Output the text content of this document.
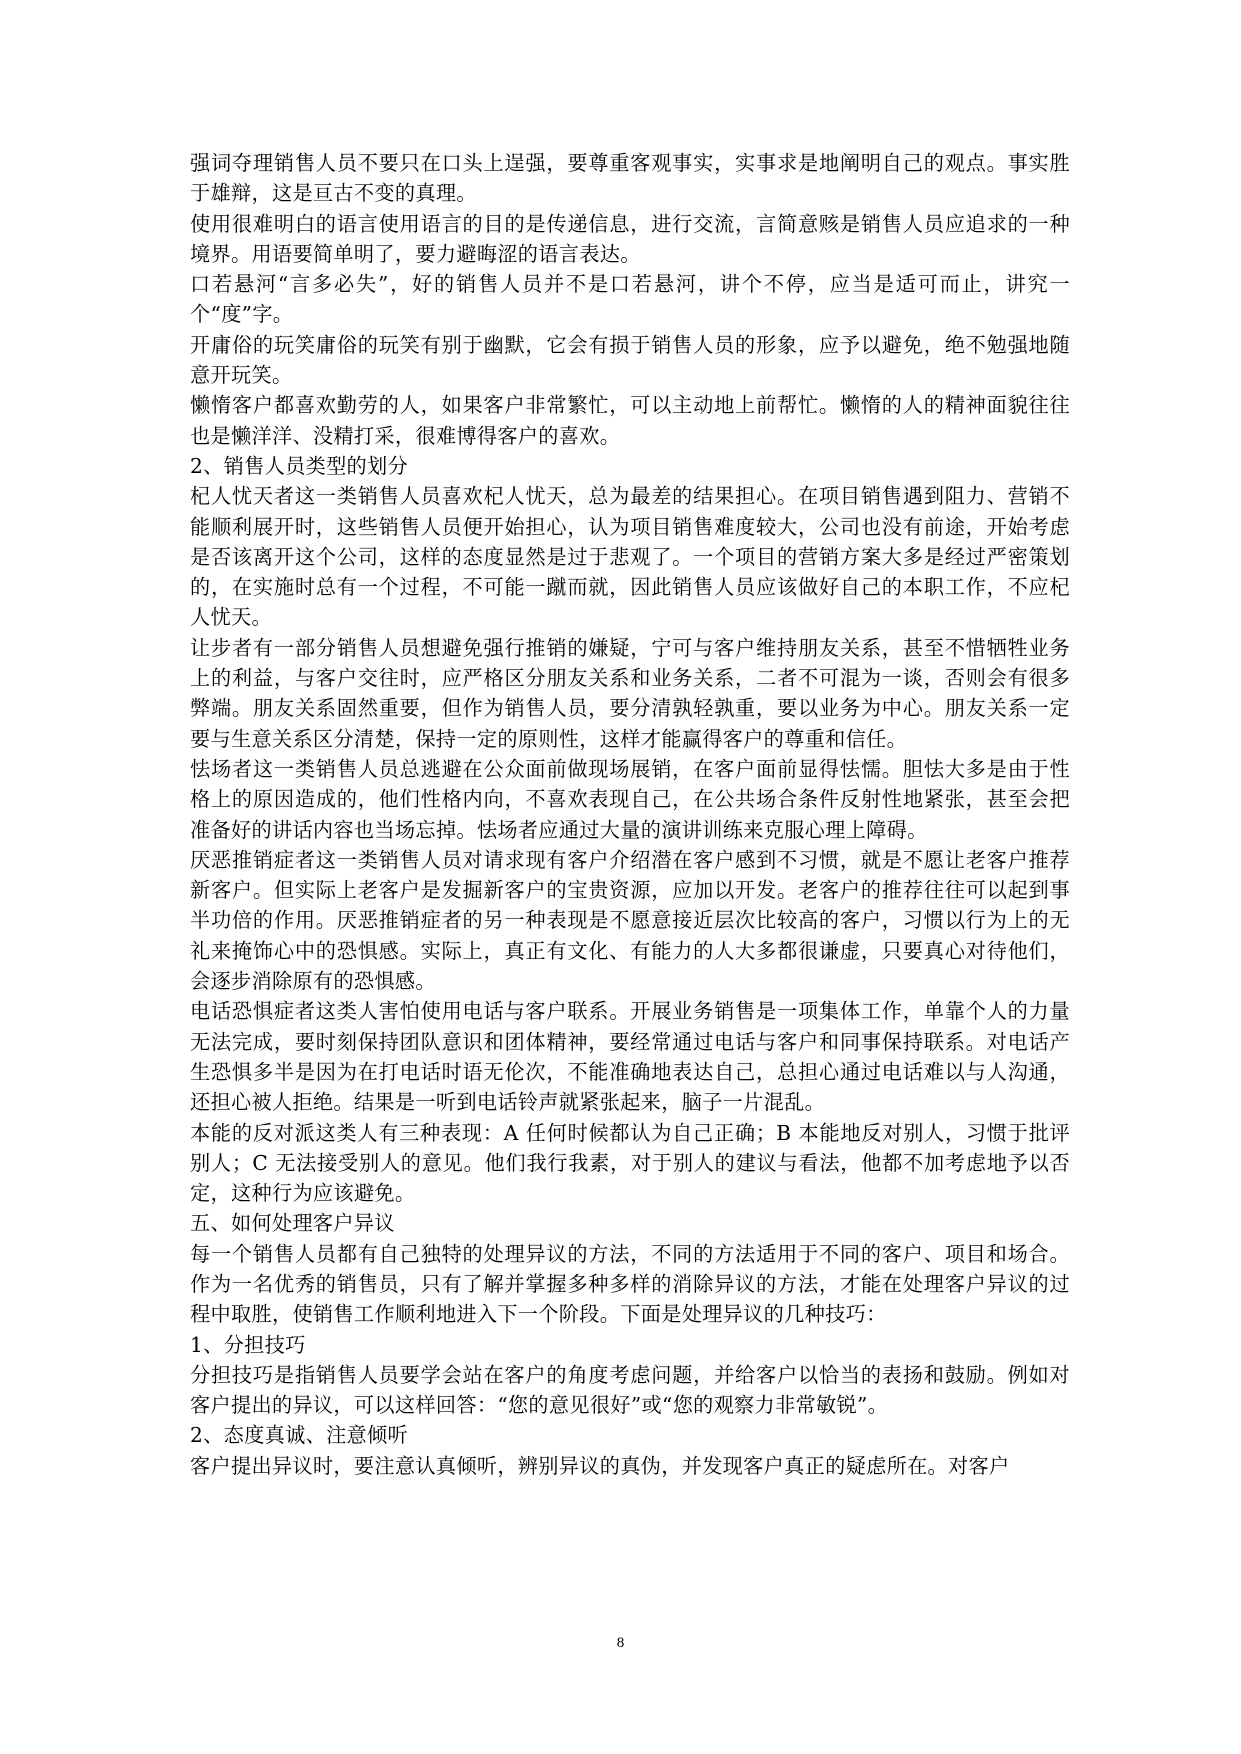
强词夺理销售人员不要只在口头上逞强，要尊重客观事实，实事求是地阐明自己的观点。事实胜于雄辩，这是亘古不变的真理。

使用很难明白的语言使用语言的目的是传递信息，进行交流，言简意赅是销售人员应追求的一种境界。用语要简单明了，要力避晦涩的语言表达。

口若悬河“言多必失”，好的销售人员并不是口若悬河，讲个不停，应当是适可而止，讲究一个“度”字。

开庸俗的玩笑庸俗的玩笑有别于幽默，它会有损于销售人员的形象，应予以避免，绝不勉强地随意开玩笑。

懒惰客户都喜欢勤劳的人，如果客户非常繁忙，可以主动地上前帮忙。懒惰的人的精神面貌往往也是懒洋洋、没精打采，很难博得客户的喜欢。

2、销售人员类型的划分

杞人忧天者这一类销售人员喜欢杞人忧天，总为最差的结果担心。在项目销售遇到阻力、营销不能顺利展开时，这些销售人员便开始担心，认为项目销售难度较大，公司也没有前途，开始考虑是否该离开这个公司，这样的态度显然是过于悲观了。一个项目的营销方案大多是经过严密策划的，在实施时总有一个过程，不可能一蹴而就，因此销售人员应该做好自己的本职工作，不应杞人忧天。

让步者有一部分销售人员想避免强行推销的嫌疑，宁可与客户维持朋友关系，甚至不惜牺牲业务上的利益，与客户交往时，应严格区分朋友关系和业务关系，二者不可混为一谈，否则会有很多弊端。朋友关系固然重要，但作为销售人员，要分清孰轻孰重，要以业务为中心。朋友关系一定要与生意关系区分清楚，保持一定的原则性，这样才能赢得客户的尊重和信任。

怯场者这一类销售人员总逃避在公众面前做现场展销，在客户面前显得怯懦。胆怯大多是由于性格上的原因造成的，他们性格内向，不喜欢表现自己，在公共场合条件反射性地紧张，甚至会把准备好的讲话内容也当场忘掉。怯场者应通过大量的演讲训练来克服心理上障碍。

厌恶推销症者这一类销售人员对请求现有客户介绍潜在客户感到不习惯，就是不愿让老客户推荐新客户。但实际上老客户是发掘新客户的宝贵资源，应加以开发。老客户的推荐往往可以起到事半功倍的作用。厌恶推销症者的另一种表现是不愿意接近层次比较高的客户，习惯以行为上的无礼来掩饰心中的恐惧感。实际上，真正有文化、有能力的人大多都很谦虚，只要真心对待他们，会逐步消除原有的恐惧感。

电话恐惧症者这类人害怕使用电话与客户联系。开展业务销售是一项集体工作，单靠个人的力量无法完成，要时刻保持团队意识和团体精神，要经常通过电话与客户和同事保持联系。对电话产生恐惧多半是因为在打电话时语无伦次，不能准确地表达自己，总担心通过电话难以与人沟通，还担心被人拒绝。结果是一听到电话铃声就紧张起来，脑子一片混乱。

本能的反对派这类人有三种表现：A 任何时候都认为自己正确；B 本能地反对别人，习惯于批评别人；C 无法接受别人的意见。他们我行我素，对于别人的建议与看法，他都不加考虑地予以否定，这种行为应该避免。

五、如何处理客户异议

每一个销售人员都有自己独特的处理异议的方法，不同的方法适用于不同的客户、项目和场合。作为一名优秀的销售员，只有了解并掌握多种多样的消除异议的方法，才能在处理客户异议的过程中取胜，使销售工作顺利地进入下一个阶段。下面是处理异议的几种技巧：

1、分担技巧

分担技巧是指销售人员要学会站在客户的角度考虑问题，并给客户以恰当的表扬和鼓励。例如对客户提出的异议，可以这样回答：“您的意见很好”或“您的观察力非常敏锐”。

2、态度真诚、注意倾听

客户提出异议时，要注意认真倾听，辨别异议的真伪，并发现客户真正的疑虑所在。对客户

8
